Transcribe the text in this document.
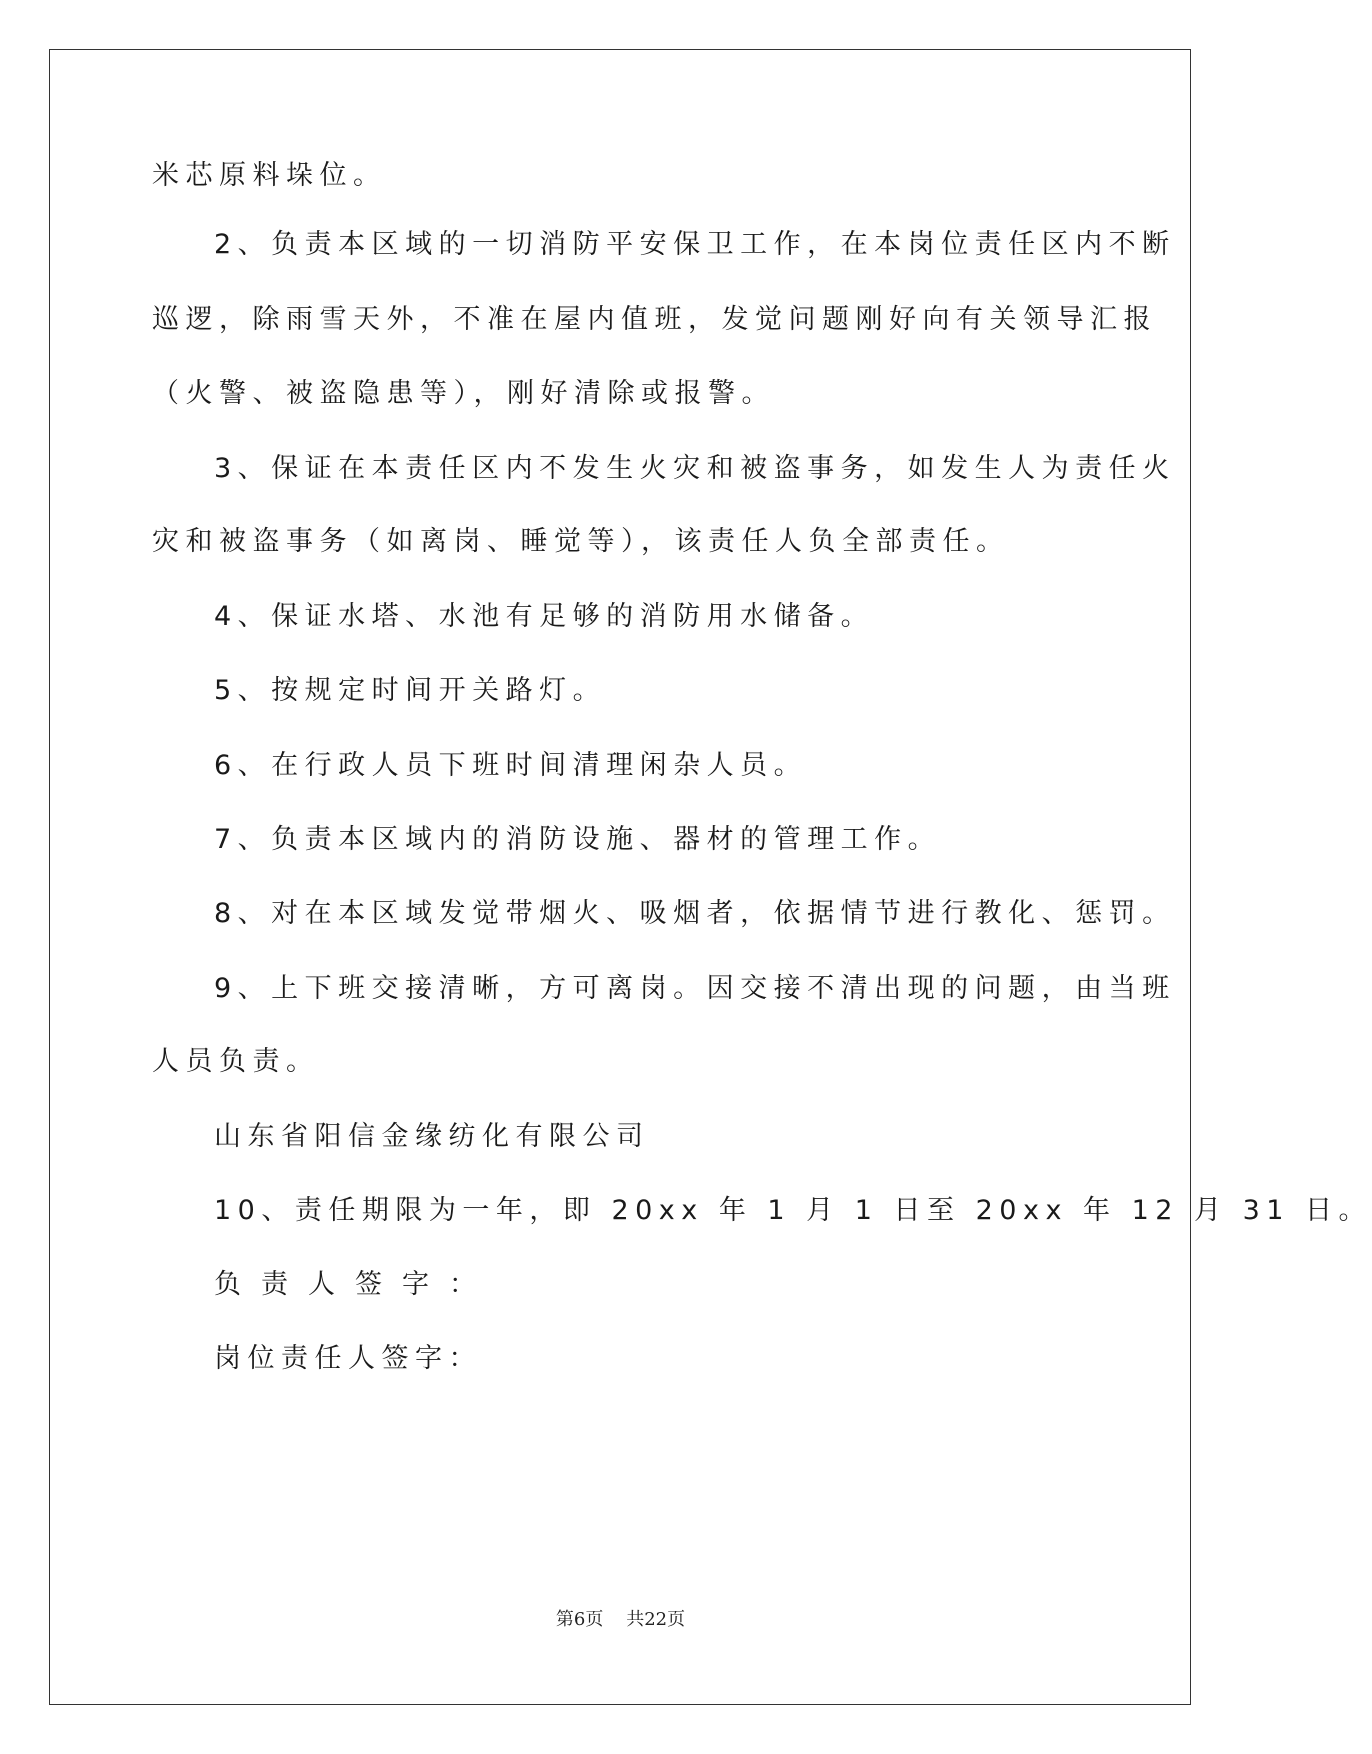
米芯原料垛位。
2、负责本区域的一切消防平安保卫工作，在本岗位责任区内不断
巡逻，除雨雪天外，不准在屋内值班，发觉问题刚好向有关领导汇报
（火警、被盗隐患等），刚好清除或报警。
3、保证在本责任区内不发生火灾和被盗事务，如发生人为责任火
灾和被盗事务（如离岗、睡觉等），该责任人负全部责任。
4、保证水塔、水池有足够的消防用水储备。
5、按规定时间开关路灯。
6、在行政人员下班时间清理闲杂人员。
7、负责本区域内的消防设施、器材的管理工作。
8、对在本区域发觉带烟火、吸烟者，依据情节进行教化、惩罚。
9、上下班交接清晰，方可离岗。因交接不清出现的问题，由当班
人员负责。
山东省阳信金缘纺化有限公司
10、责任期限为一年，即 20xx 年 1 月 1 日至 20xx 年 12 月 31 日。
负责人签字：
岗位责任人签字：
第6页 共22页
